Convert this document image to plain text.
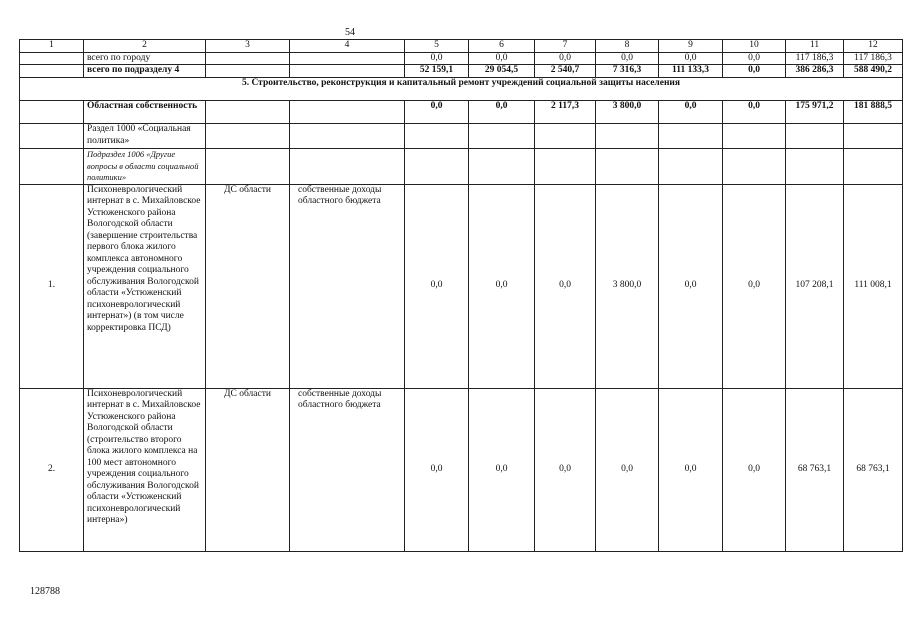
54
1	2	3	4	5	6	7	8	9	10	11	12
	всего по городу			0,0	0,0	0,0	0,0	0,0	0,0	117 186,3	117 186,3
	всего по подразделу 4			52 159,1	29 054,5	2 540,7	7 316,3	111 133,3	0,0	386 286,3	588 490,2
5. Строительство, реконструкция и капитальный ремонт учреждений социальной защиты населения											
	Областная собственность			0,0	0,0	2 117,3	3 800,0	0,0	0,0	175 971,2	181 888,5
	Раздел 1000 «Социальная политика»										
	Подраздел 1006 «Другие вопросы в области социальной политики»										
1.	Психоневрологический интернат в с. Михайловское Устюженского района Вологодской области (завершение строительства первого блока жилого комплекса автономного учреждения социального обслуживания Вологодской области «Устюженский психоневрологический интернат») (в том числе корректировка ПСД)	ДС области	собственные доходы областного бюджета	0,0	0,0	0,0	3 800,0	0,0	0,0	107 208,1	111 008,1
2.	Психоневрологический интернат в с. Михайловское Устюженского района Вологодской области (строительство второго блока жилого комплекса на 100 мест автономного учреждения социального обслуживания Вологодской области «Устюженский психоневрологический интерна»)	ДС области	собственные доходы областного бюджета	0,0	0,0	0,0	0,0	0,0	0,0	68 763,1	68 763,1
128788
